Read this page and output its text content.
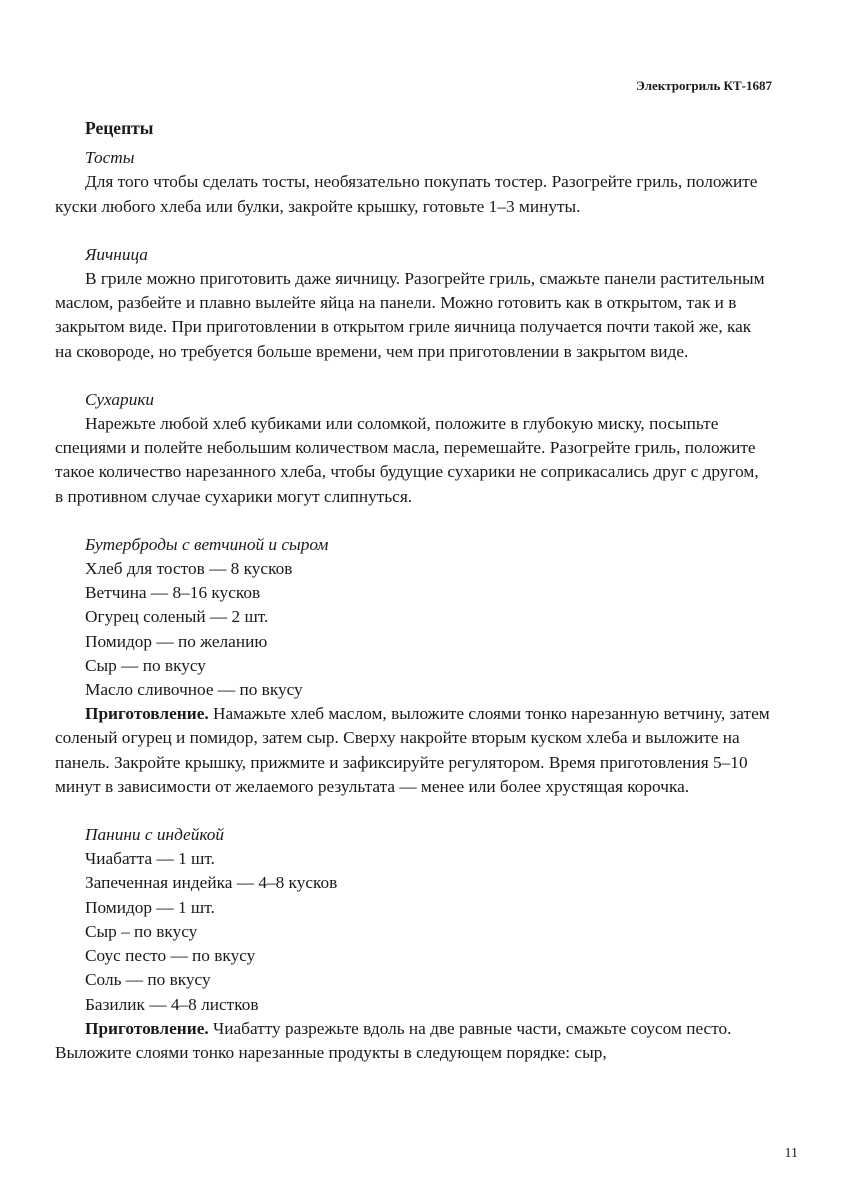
Электрогриль КТ-1687
Рецепты
Тосты

Для того чтобы сделать тосты, необязательно покупать тостер. Разогрейте гриль, положите куски любого хлеба или булки, закройте крышку, готовьте 1–3 минуты.

Яичница

В гриле можно приготовить даже яичницу. Разогрейте гриль, смажьте панели растительным маслом, разбейте и плавно вылейте яйца на панели. Можно готовить как в открытом, так и в закрытом виде. При приготовлении в открытом гриле яичница получается почти такой же, как на сковороде, но требуется больше времени, чем при приготовлении в закрытом виде.

Сухарики

Нарежьте любой хлеб кубиками или соломкой, положите в глубокую миску, посыпьте специями и полейте небольшим количеством масла, перемешайте. Разогрейте гриль, положите такое количество нарезанного хлеба, чтобы будущие сухарики не соприкасались друг с другом, в противном случае сухарики могут слипнуться.

Бутерброды с ветчиной и сыром
Хлеб для тостов — 8 кусков
Ветчина — 8–16 кусков
Огурец соленый — 2 шт.
Помидор — по желанию
Сыр — по вкусу
Масло сливочное — по вкусу

Приготовление. Намажьте хлеб маслом, выложите слоями тонко нарезанную ветчину, затем соленый огурец и помидор, затем сыр. Сверху накройте вторым куском хлеба и выложите на панель. Закройте крышку, прижмите и зафиксируйте регулятором. Время приготовления 5–10 минут в зависимости от желаемого результата — менее или более хрустящая корочка.

Панини с индейкой
Чиабатта — 1 шт.
Запеченная индейка — 4–8 кусков
Помидор — 1 шт.
Сыр – по вкусу
Соус песто — по вкусу
Соль — по вкусу
Базилик — 4–8 листков

Приготовление. Чиабатту разрежьте вдоль на две равные части, смажьте соусом песто. Выложите слоями тонко нарезанные продукты в следующем порядке: сыр,

11
